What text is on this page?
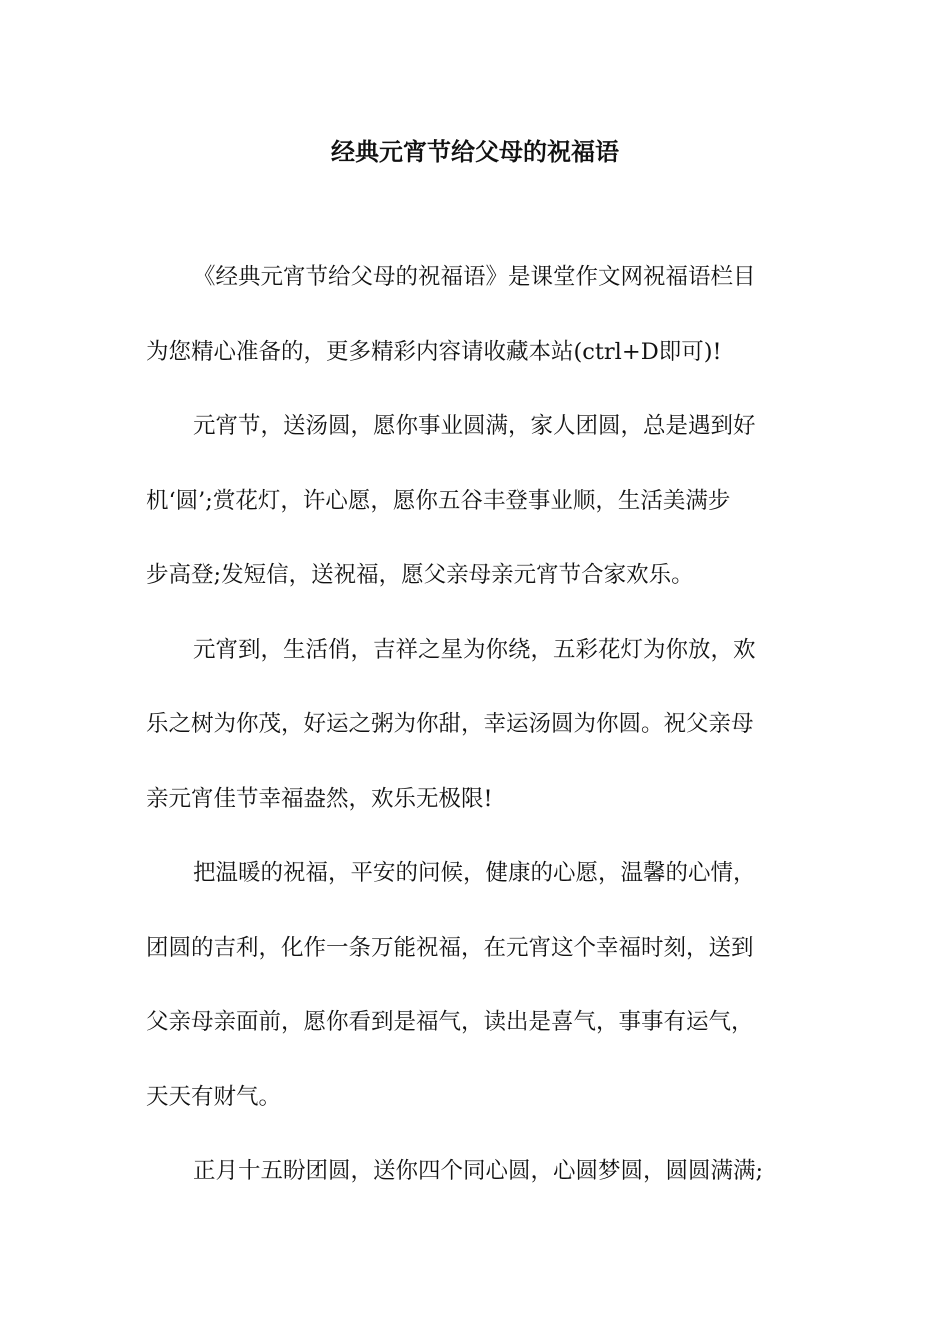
经典元宵节给父母的祝福语
《经典元宵节给父母的祝福语》是课堂作文网祝福语栏目
为您精心准备的，更多精彩内容请收藏本站(ctrl+D即可)!
元宵节，送汤圆，愿你事业圆满，家人团圆，总是遇到好
机‘圆’;赏花灯，许心愿，愿你五谷丰登事业顺，生活美满步
步高登;发短信，送祝福，愿父亲母亲元宵节合家欢乐。
元宵到，生活俏，吉祥之星为你绕，五彩花灯为你放，欢
乐之树为你茂，好运之粥为你甜，幸运汤圆为你圆。祝父亲母
亲元宵佳节幸福盎然，欢乐无极限!
把温暖的祝福，平安的问候，健康的心愿，温馨的心情，
团圆的吉利，化作一条万能祝福，在元宵这个幸福时刻，送到
父亲母亲面前，愿你看到是福气，读出是喜气，事事有运气，
天天有财气。
正月十五盼团圆，送你四个同心圆，心圆梦圆，圆圆满满;
